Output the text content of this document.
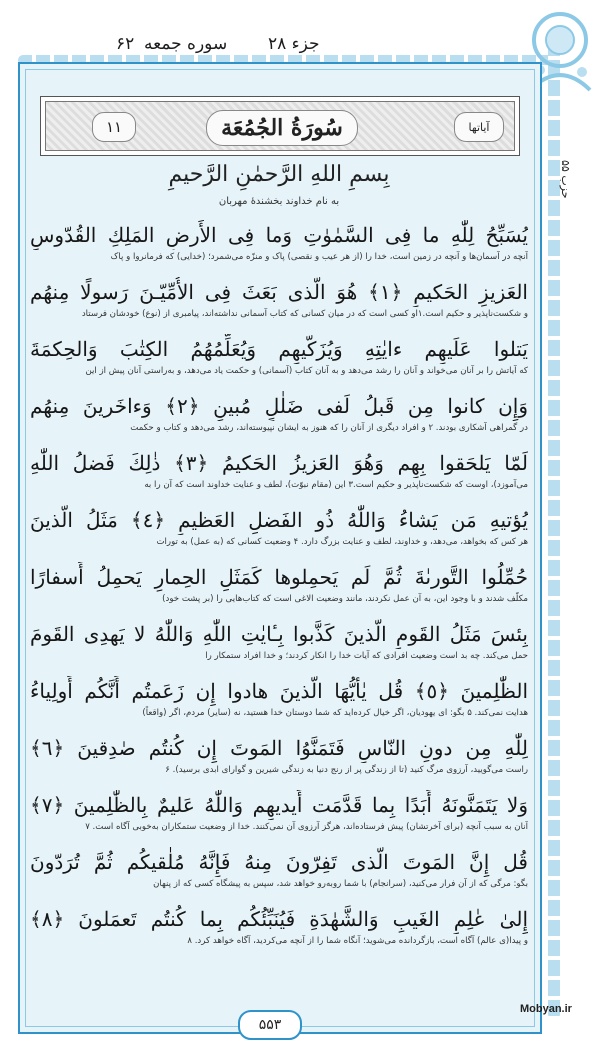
جزء ۲۸
سوره جمعه
۶۲
حزب ۵۵
۱۱	سُورَةُ الجُمُعَة	آیاتها
بِسمِ اللهِ الرَّحمٰنِ الرَّحيمِ
به نام خداوند بخشندهٔ مهربان
يُسَبِّحُ لِلّٰهِ ما فِى السَّمٰوٰتِ وَما فِى الأَرضِ المَلِكِ القُدّوسِ
آنچه در آسمان‌ها و آنچه در زمین است، خدا را (از هر عیب و نقصی) پاک و منزّه می‌شمرد؛ (خدایی) که فرمانروا و پاک
العَزيزِ الحَكيمِ ﴿١﴾ هُوَ الَّذى بَعَثَ فِى الأُمِّيّـنَ رَسولًا مِنهُم
و شکست‌ناپذیر و حکیم است.۱او کسی است که در میان کسانی که کتاب آسمانی نداشته‌اند، پیامبری از (نوع) خودشان فرستاد
يَتلوا عَلَيهِم ءايٰتِهِ وَيُزَكّيهِم وَيُعَلِّمُهُمُ الكِتٰبَ وَالحِكمَةَ
که آیاتش را بر آنان می‌خواند و آنان را رشد می‌دهد و به آنان کتاب (آسمانی) و حکمت یاد می‌دهد، و به‌راستی آنان پیش از این
وَإِن كانوا مِن قَبلُ لَفى ضَلٰلٍ مُبينٍ ﴿٢﴾ وَءاخَرينَ مِنهُم
در گمراهی آشکاری بودند. ۲ و افراد دیگری از آنان را که هنوز به ایشان نپیوسته‌اند، رشد می‌دهد و کتاب و حکمت
لَمّا يَلحَقوا بِهِم وَهُوَ العَزيزُ الحَكيمُ ﴿٣﴾ ذٰلِكَ فَضلُ اللّٰهِ
می‌آموزد)، اوست که شکست‌ناپذیر و حکیم است.۳ این (مقام نبوّت)، لطف و عنایت خداوند است که آن را به
يُؤتيهِ مَن يَشاءُ وَاللّٰهُ ذُو الفَضلِ العَظيمِ ﴿٤﴾ مَثَلُ الَّذينَ
هر کس که بخواهد، می‌دهد، و خداوند، لطف و عنایت بزرگ دارد. ۴ وضعیت کسانی که (به عمل) به تورات
حُمِّلُوا التَّورىٰةَ ثُمَّ لَم يَحمِلوها كَمَثَلِ الحِمارِ يَحمِلُ أَسفارًا
مکلّف شدند و با وجود این، به آن عمل نکردند، مانند وضعیت الاغی است که کتاب‌هایی را (بر پشت خود)
بِئسَ مَثَلُ القَومِ الَّذينَ كَذَّبوا بِـٔايٰتِ اللّٰهِ وَاللّٰهُ لا يَهدِى القَومَ
حمل می‌کند. چه بد است وضعیت افرادی که آیات خدا را انکار کردند؛ و خدا افراد ستمکار را
الظّٰلِمينَ ﴿٥﴾ قُل يٰأَيُّهَا الَّذينَ هادوا إِن زَعَمتُم أَنَّكُم أَولِياءُ
هدایت نمی‌کند. ۵ بگو: ای یهودیان، اگر خیال کرده‌اید که شما دوستان خدا هستید، نه (سایر) مردم، اگر (واقعاً)
لِلّٰهِ مِن دونِ النّاسِ فَتَمَنَّوُا المَوتَ إِن كُنتُم صٰدِقينَ ﴿٦﴾
راست می‌گویید، آرزوی مرگ کنید (تا از زندگی پر از رنج دنیا به زندگی شیرین و گوارای ابدی برسید). ۶
وَلا يَتَمَنَّونَهُ أَبَدًا بِما قَدَّمَت أَيديهِم وَاللّٰهُ عَليمٌ بِالظّٰلِمينَ ﴿٧﴾
آنان به سبب آنچه (برای آخرتشان) پیش فرستاده‌اند، هرگز آرزوی آن نمی‌کنند. خدا از وضعیت ستمکاران به‌خوبی آگاه است. ۷
قُل إِنَّ المَوتَ الَّذى تَفِرّونَ مِنهُ فَإِنَّهُ مُلٰقيكُم ثُمَّ تُرَدّونَ
بگو: مرگی که از آن فرار می‌کنید، (سرانجام) با شما روبه‌رو خواهد شد، سپس به پیشگاه کسی که از پنهان
إِلىٰ عٰلِمِ الغَيبِ وَالشَّهٰدَةِ فَيُنَبِّئُكُم بِما كُنتُم تَعمَلونَ ﴿٨﴾
و پیدا(ی عالم) آگاه است، بازگردانده می‌شوید؛ آنگاه شما را از آنچه می‌کردید، آگاه خواهد کرد. ۸
۵۵۳
Mobyan.ir
